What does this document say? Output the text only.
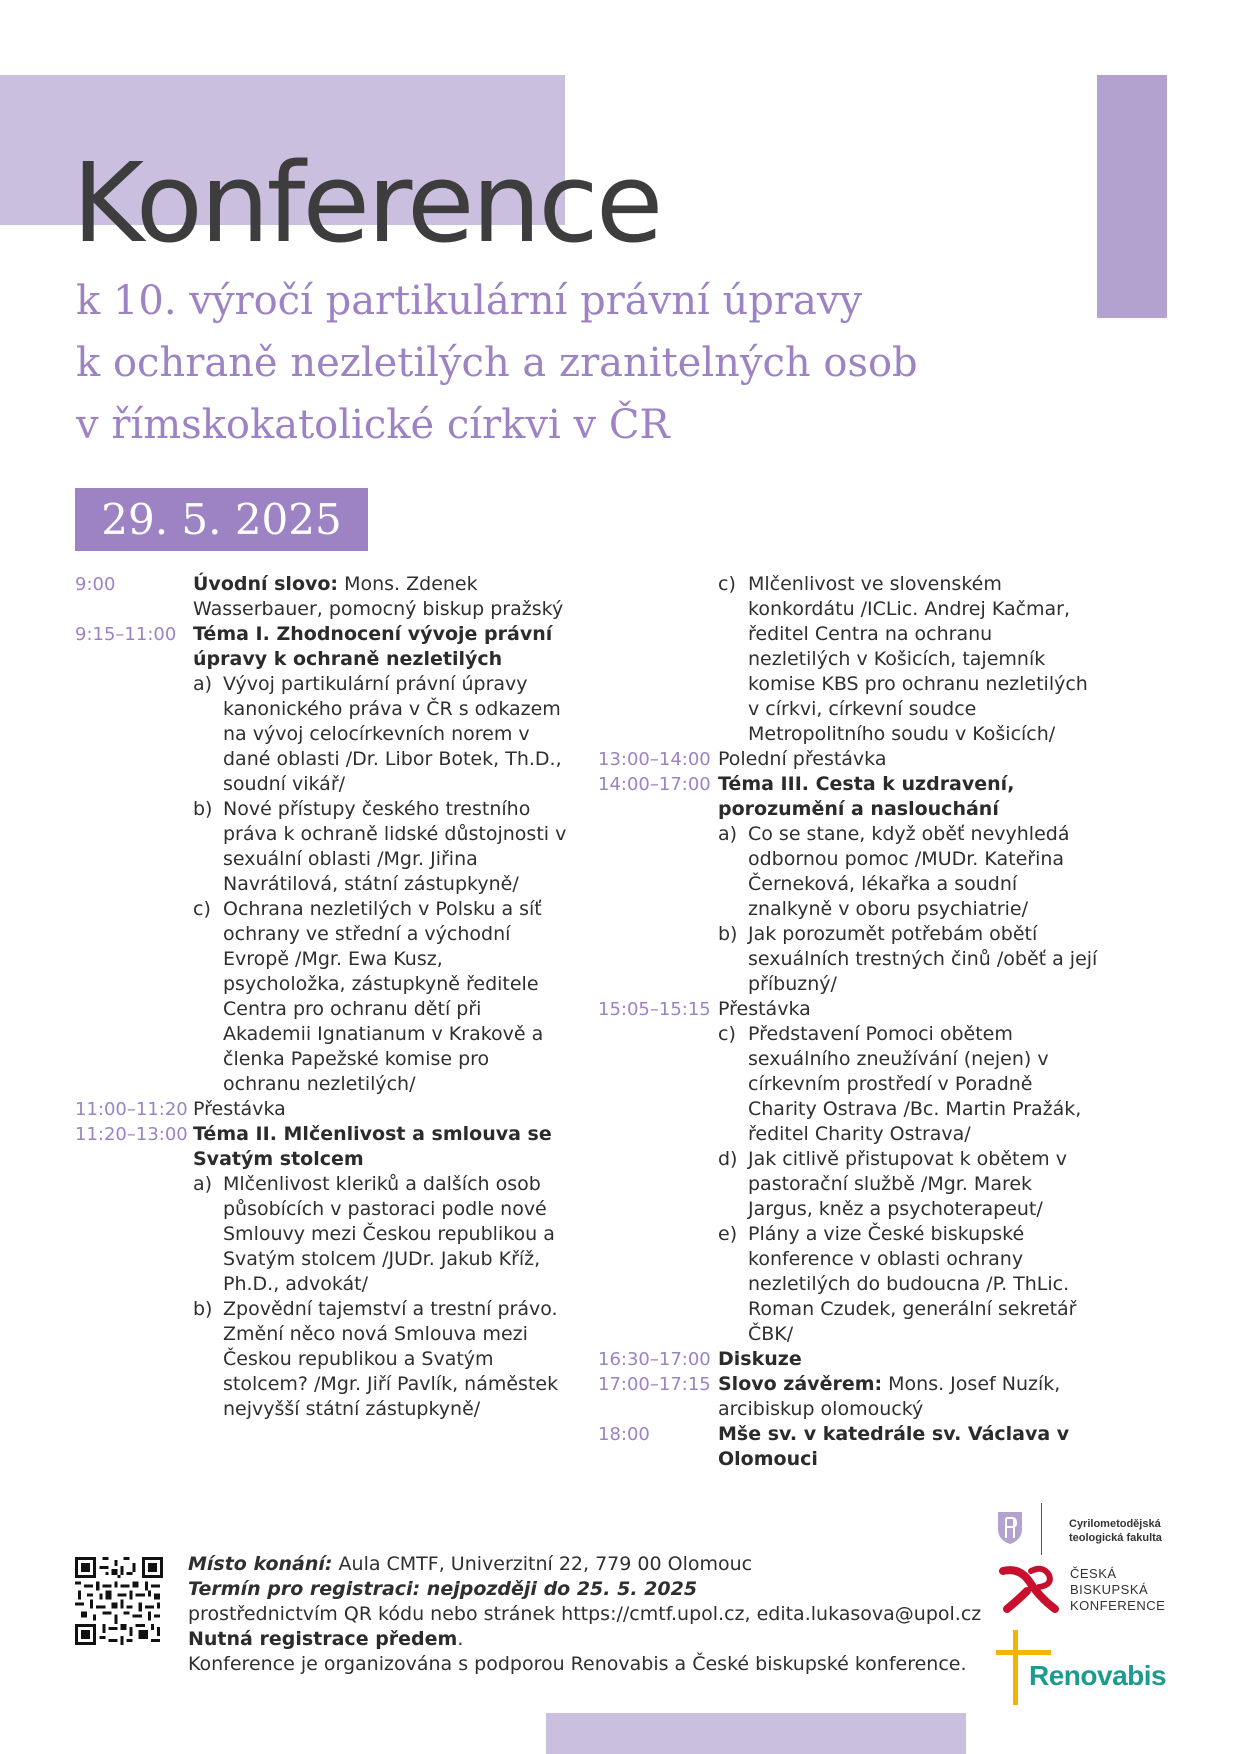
Konference
k 10. výročí partikulární právní úpravy
k ochraně nezletilých a zranitelných osob
v římskokatolické církvi v ČR
29. 5. 2025
9:00	Úvodní slovo: Mons. Zdenek Wasserbauer, pomocný biskup pražský
9:15–11:00 Téma I. Zhodnocení vývoje právní úpravy k ochraně nezletilých
a) Vývoj partikulární právní úpravy kanonického práva v ČR s odkazem na vývoj celocírkevních norem v dané oblasti /Dr. Libor Botek, Th.D., soudní vikář/
b) Nové přístupy českého trestního práva k ochraně lidské důstojnosti v sexuální oblasti /Mgr. Jiřina Navrátilová, státní zástupkyně/
c) Ochrana nezletilých v Polsku a síť ochrany ve střední a východní Evropě /Mgr. Ewa Kusz, psycholožka, zástupkyně ředitele Centra pro ochranu dětí při Akademii Ignatianum v Krakově a členka Papežské komise pro ochranu nezletilých/
11:00–11:20 Přestávka
11:20–13:00 Téma II. Mlčenlivost a smlouva se Svatým stolcem
a) Mlčenlivost kleriků a dalších osob působících v pastoraci podle nové Smlouvy mezi Českou republikou a Svatým stolcem /JUDr. Jakub Kříž, Ph.D., advokát/
b) Zpovědní tajemství a trestní právo. Změní něco nová Smlouva mezi Českou republikou a Svatým stolcem? /Mgr. Jiří Pavlík, náměstek nejvyšší státní zástupkyně/
c) Mlčenlivost ve slovenském konkordátu /ICLic. Andrej Kačmar, ředitel Centra na ochranu nezletilých v Košicích, tajemník komise KBS pro ochranu nezletilých v církvi, církevní soudce Metropolitního soudu v Košicích/
13:00–14:00 Polední přestávka
14:00–17:00 Téma III. Cesta k uzdravení, porozumění a naslouchání
a) Co se stane, když oběť nevyhledá odbornou pomoc /MUDr. Kateřina Černeková, lékařka a soudní znalkyně v oboru psychiatrie/
b) Jak porozumět potřebám obětí sexuálních trestných činů /oběť a její příbuzný/
15:05–15:15 Přestávka
c) Představení Pomoci obětem sexuálního zneužívání (nejen) v církevním prostředí v Poradně Charity Ostrava /Bc. Martin Pražák, ředitel Charity Ostrava/
d) Jak citlivě přistupovat k obětem v pastorační službě /Mgr. Marek Jargus, kněz a psychoterapeut/
e) Plány a vize České biskupské konference v oblasti ochrany nezletilých do budoucna /P. ThLic. Roman Czudek, generální sekretář ČBK/
16:30–17:00 Diskuze
17:00–17:15 Slovo závěrem: Mons. Josef Nuzík, arcibiskup olomoucký
18:00	Mše sv. v katedrále sv. Václava v Olomouci
Místo konání: Aula CMTF, Univerzitní 22, 779 00 Olomouc
Termín pro registraci: nejpozději do 25. 5. 2025
prostřednictvím QR kódu nebo stránek https://cmtf.upol.cz, edita.lukasova@upol.cz
Nutná registrace předem.
Konference je organizována s podporou Renovabis a České biskupské konference.
Cyrilometodějská
teologická fakulta
ČESKÁ
BISKUPSKÁ
KONFERENCE
Renovabis
